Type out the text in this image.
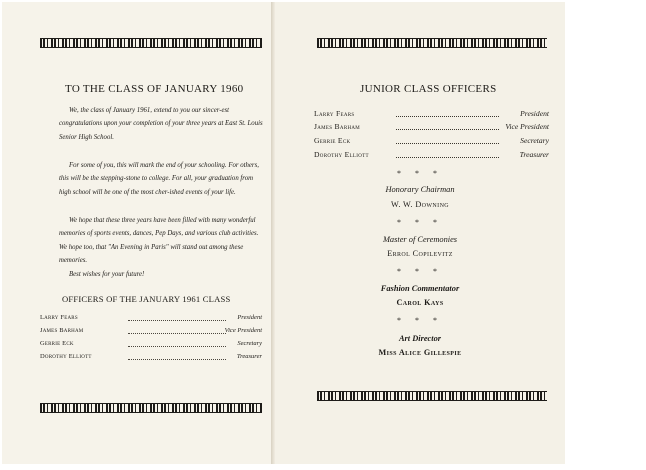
TO THE CLASS OF JANUARY 1960

We, the class of January 1961, extend to you our sincer-est congratulations upon your completion of your three years at East St. Louis Senior High School.

For some of you, this will mark the end of your schooling. For others, this will be the stepping-stone to college. For all, your graduation from high school will be one of the most cher-ished events of your life.

We hope that these three years have been filled with many wonderful memories of sports events, dances, Pep Days, and various club activities. We hope too, that "An Evening in Paris" will stand out among these memories.

Best wishes for your future!

OFFICERS OF THE JANUARY 1961 CLASS
Larry Fears	President
James Barham	Vice President
Gerrie Eck	Secretary
Dorothy Elliott	Treasurer
JUNIOR CLASS OFFICERS
Larry Fears	President
James Barham	Vice President
Gerrie Eck	Secretary
Dorothy Elliott	Treasurer
* * *
Honorary Chairman
W. W. Downing
* * *
Master of Ceremonies
Errol Copilevitz
* * *
Fashion Commentator
Carol Kays
* * *
Art Director
Miss Alice Gillespie
